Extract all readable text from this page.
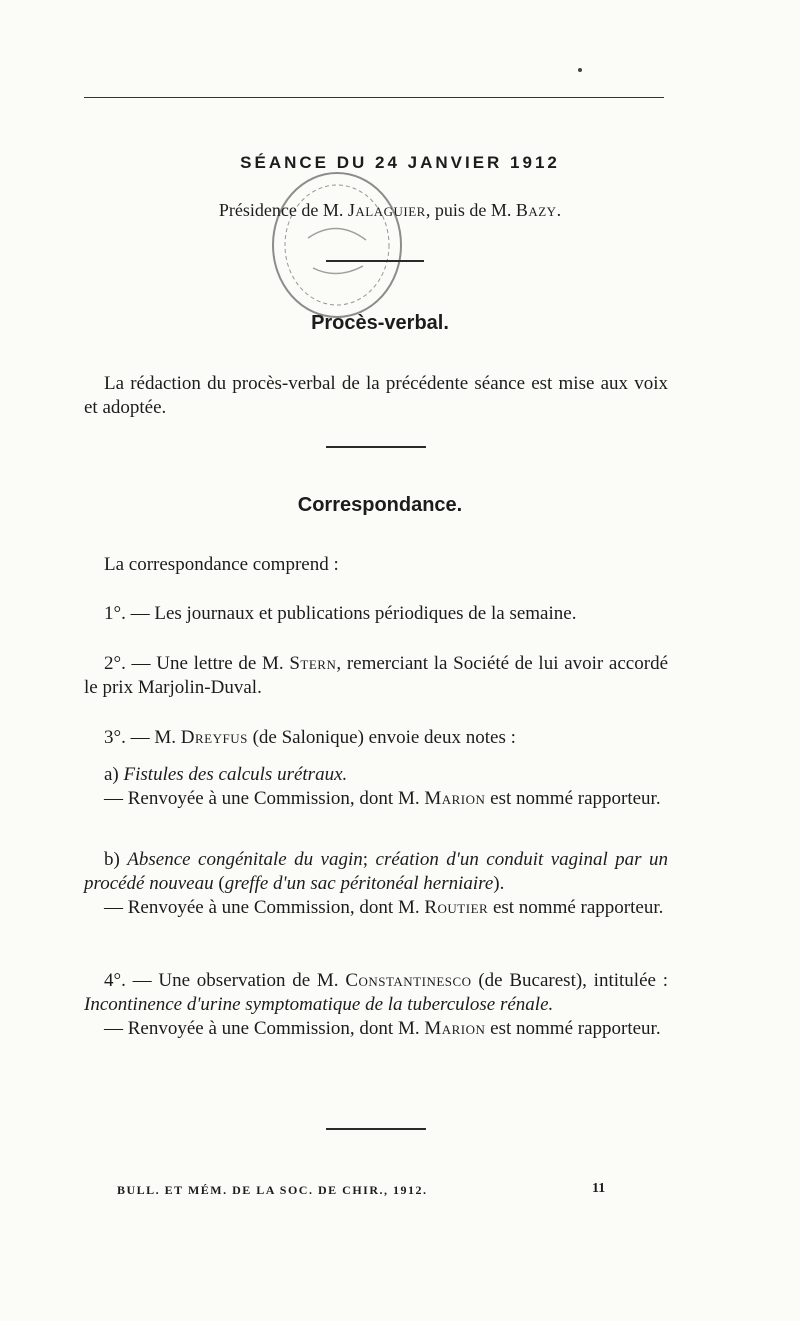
SÉANCE DU 24 JANVIER 1912
Présidence de M. Jalaguier, puis de M. Bazy.
Procès-verbal.
La rédaction du procès-verbal de la précédente séance est mise aux voix et adoptée.
Correspondance.
La correspondance comprend :
1°. — Les journaux et publications périodiques de la semaine.
2°. — Une lettre de M. Stern, remerciant la Société de lui avoir accordé le prix Marjolin-Duval.
3°. — M. Dreyfus (de Salonique) envoie deux notes :
a) Fistules des calculs urétraux.
— Renvoyée à une Commission, dont M. Marion est nommé rapporteur.
b) Absence congénitale du vagin; création d'un conduit vaginal par un procédé nouveau (greffe d'un sac péritonéal herniaire).
— Renvoyée à une Commission, dont M. Routier est nommé rapporteur.
4°. — Une observation de M. Constantinesco (de Bucarest), intitulée : Incontinence d'urine symptomatique de la tuberculose rénale.
— Renvoyée à une Commission, dont M. Marion est nommé rapporteur.
BULL. ET MÉM. DE LA SOC. DE CHIR., 1912.	11
